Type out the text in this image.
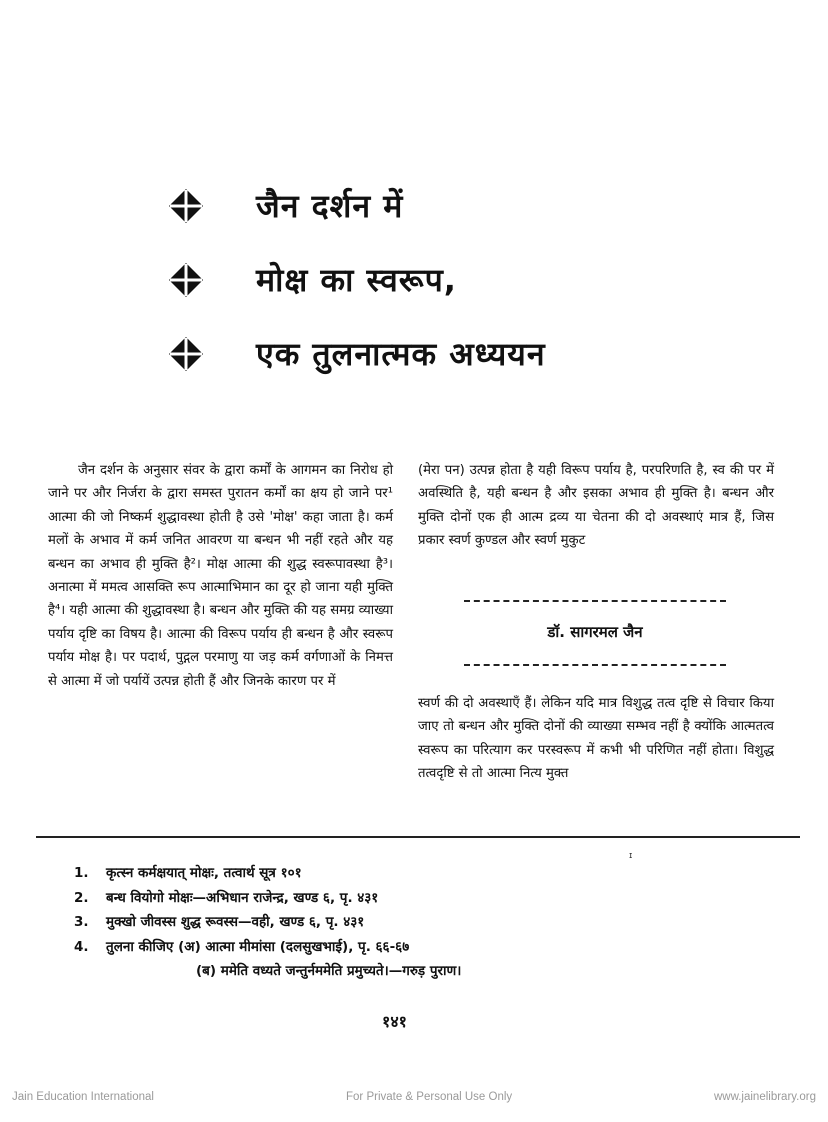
जैन दर्शन में
मोक्ष का स्वरूप,
एक तुलनात्मक अध्ययन

जैन दर्शन के अनुसार संवर के द्वारा कर्मों के आगमन का निरोध हो जाने पर और निर्जरा के द्वारा समस्त पुरातन कर्मों का क्षय हो जाने पर¹ आत्मा की जो निष्कर्म शुद्धावस्था होती है उसे 'मोक्ष' कहा जाता है। कर्म मलों के अभाव में कर्म जनित आवरण या बन्धन भी नहीं रहते और यह बन्धन का अभाव ही मुक्ति है²। मोक्ष आत्मा की शुद्ध स्वरूपावस्था है³। अनात्मा में ममत्व आसक्ति रूप आत्माभिमान का दूर हो जाना यही मुक्ति है⁴। यही आत्मा की शुद्धावस्था है। बन्धन और मुक्ति की यह समग्र व्याख्या पर्याय दृष्टि का विषय है। आत्मा की विरूप पर्याय ही बन्धन है और स्वरूप पर्याय मोक्ष है। पर पदार्थ, पुद्गल परमाणु या जड़ कर्म वर्गणाओं के निमत्त से आत्मा में जो पर्यायें उत्पन्न होती हैं और जिनके कारण पर में

(मेरा पन) उत्पन्न होता है यही विरूप पर्याय है, परपरिणति है, स्व की पर में अवस्थिति है, यही बन्धन है और इसका अभाव ही मुक्ति है। बन्धन और मुक्ति दोनों एक ही आत्म द्रव्य या चेतना की दो अवस्थाएं मात्र हैं, जिस प्रकार स्वर्ण कुण्डल और स्वर्ण मुकुट

डॉ. सागरमल जैन

स्वर्ण की दो अवस्थाएँ हैं। लेकिन यदि मात्र विशुद्ध तत्व दृष्टि से विचार किया जाए तो बन्धन और मुक्ति दोनों की व्याख्या सम्भव नहीं है क्योंकि आत्मतत्व स्वरूप का परित्याग कर परस्वरूप में कभी भी परिणित नहीं होता। विशुद्ध तत्वदृष्टि से तो आत्मा नित्य मुक्त

ɪ
1.	कृत्स्न कर्मक्षयात् मोक्षः, तत्वार्थ सूत्र १०१
2.	बन्ध वियोगो मोक्षः—अभिधान राजेन्द्र, खण्ड ६, पृ. ४३१
3.	मुक्खो जीवस्स शुद्ध रूवस्स—वही, खण्ड ६, पृ. ४३१
4.	तुलना कीजिए (अ) आत्मा मीमांसा (दलसुखभाई), पृ. ६६-६७
(ब) ममेति वध्यते जन्तुर्नममेति प्रमुच्यते।—गरुड़ पुराण।
१४१
Jain Education International	For Private & Personal Use Only	www.jainelibrary.org
